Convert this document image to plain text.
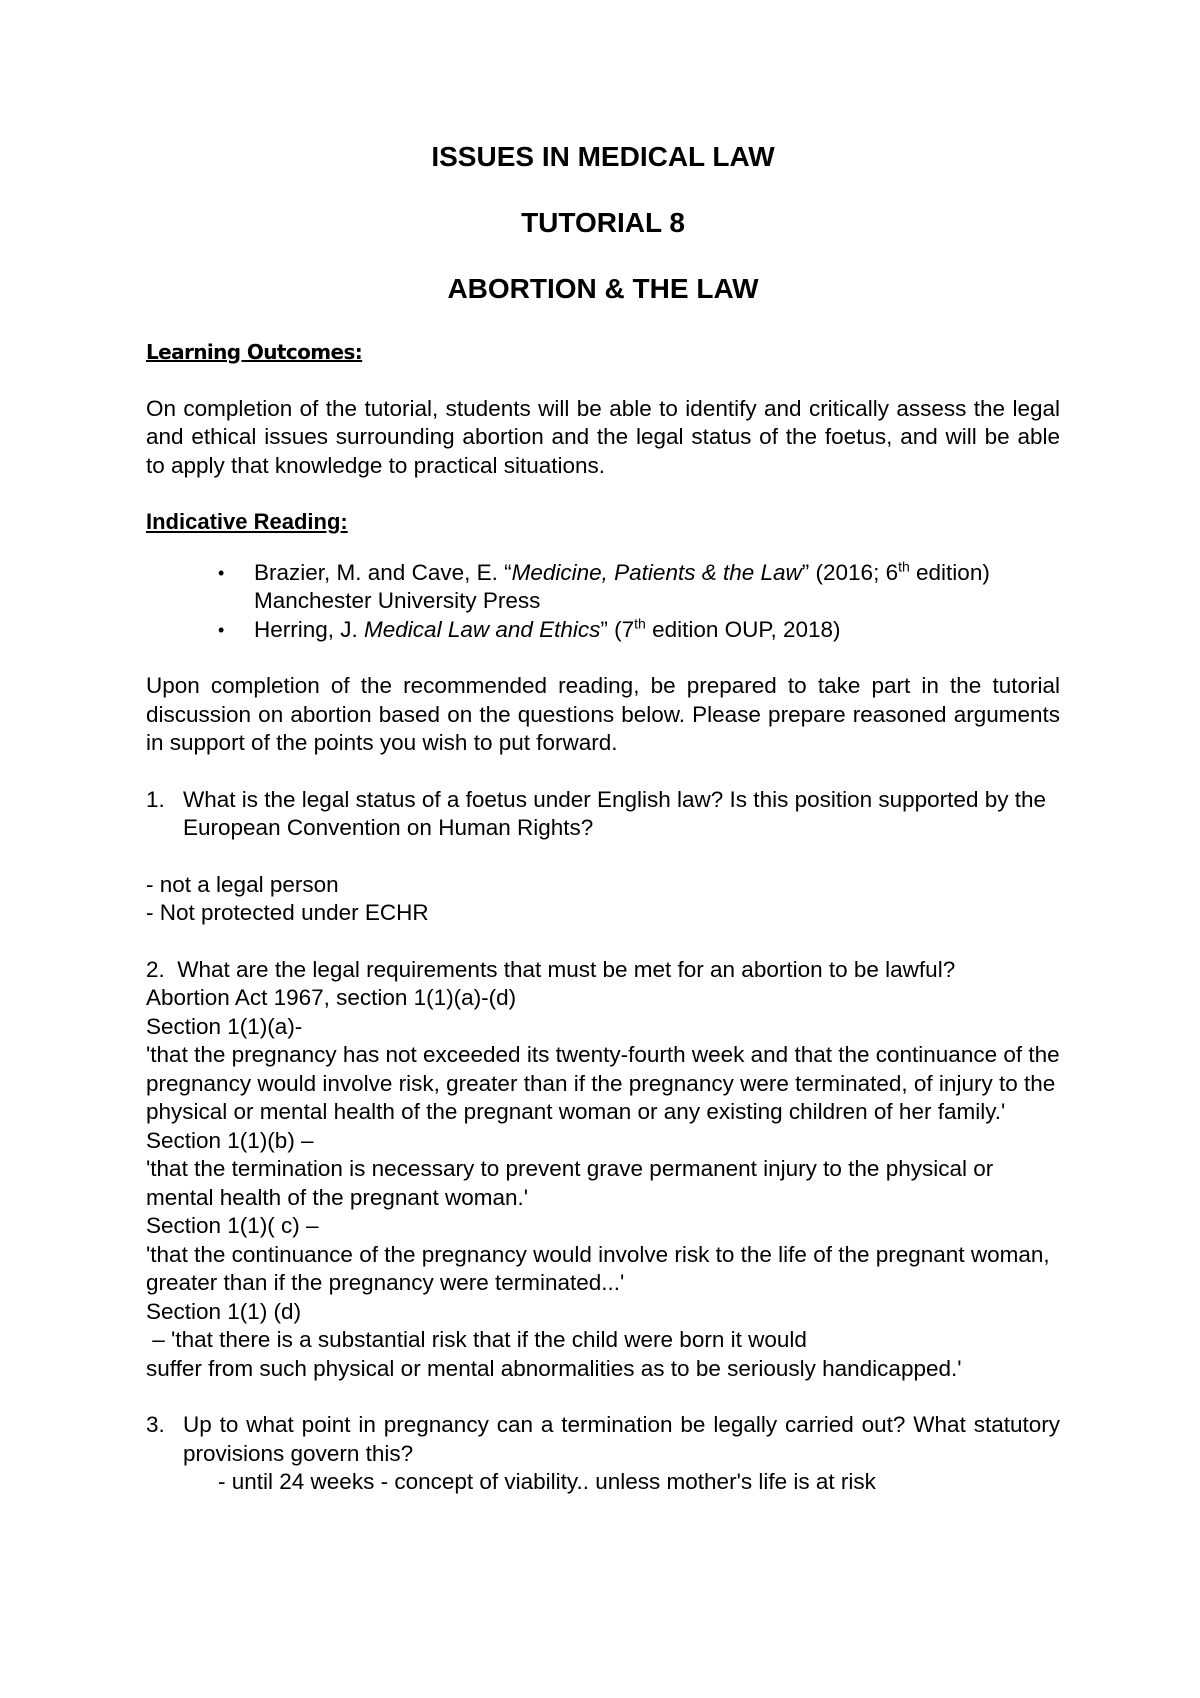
ISSUES IN MEDICAL LAW

TUTORIAL 8

ABORTION & THE LAW

Learning Outcomes:

On completion of the tutorial, students will be able to identify and critically assess the legal and ethical issues surrounding abortion and the legal status of the foetus, and will be able to apply that knowledge to practical situations.

Indicative Reading:

• Brazier, M. and Cave, E. “Medicine, Patients & the Law” (2016; 6th edition) Manchester University Press
• Herring, J. Medical Law and Ethics” (7th edition OUP, 2018)

Upon completion of the recommended reading, be prepared to take part in the tutorial discussion on abortion based on the questions below. Please prepare reasoned arguments in support of the points you wish to put forward.

1. What is the legal status of a foetus under English law? Is this position supported by the European Convention on Human Rights?

- not a legal person

- Not protected under ECHR

2. What are the legal requirements that must be met for an abortion to be lawful?

Abortion Act 1967, section 1(1)(a)-(d)

Section 1(1)(a)-

'that the pregnancy has not exceeded its twenty-fourth week and that the continuance of the pregnancy would involve risk, greater than if the pregnancy were terminated, of injury to the physical or mental health of the pregnant woman or any existing children of her family.'

Section 1(1)(b) –

'that the termination is necessary to prevent grave permanent injury to the physical or mental health of the pregnant woman.'

Section 1(1)( c) –

'that the continuance of the pregnancy would involve risk to the life of the pregnant woman, greater than if the pregnancy were terminated...'

Section 1(1) (d)

– 'that there is a substantial risk that if the child were born it would

suffer from such physical or mental abnormalities as to be seriously handicapped.'

3. Up to what point in pregnancy can a termination be legally carried out? What statutory provisions govern this?

- until 24 weeks - concept of viability.. unless mother's life is at risk
